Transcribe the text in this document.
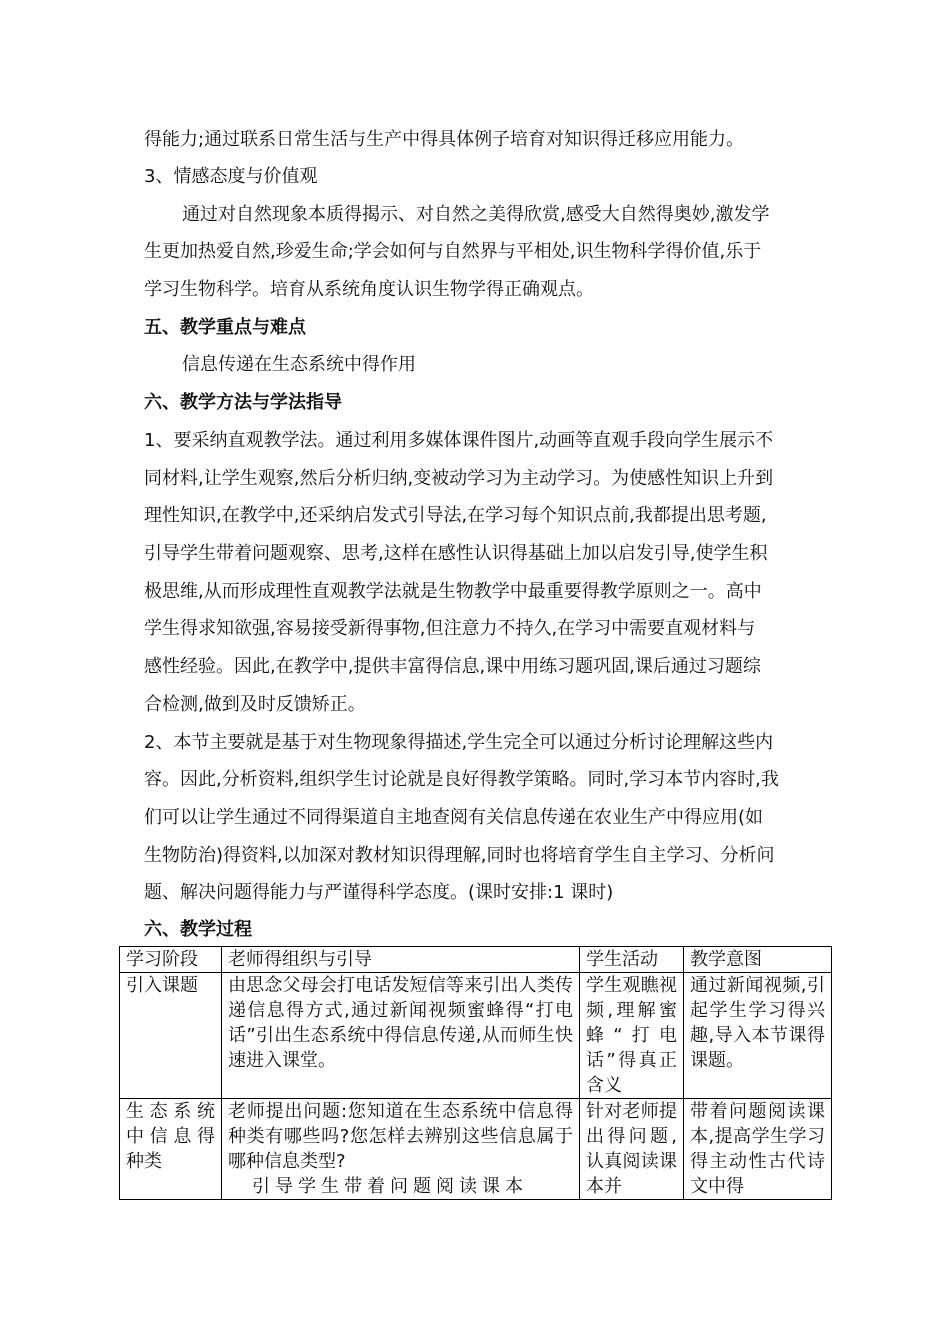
得能力;通过联系日常生活与生产中得具体例子培育对知识得迁移应用能力。
3、情感态度与价值观
通过对自然现象本质得揭示、对自然之美得欣赏,感受大自然得奥妙,激发学
生更加热爱自然,珍爱生命;学会如何与自然界与平相处,识生物科学得价值,乐于
学习生物科学。培育从系统角度认识生物学得正确观点。
五、教学重点与难点
信息传递在生态系统中得作用
六、教学方法与学法指导
1、要采纳直观教学法。通过利用多媒体课件图片,动画等直观手段向学生展示不
同材料,让学生观察,然后分析归纳,变被动学习为主动学习。为使感性知识上升到
理性知识,在教学中,还采纳启发式引导法,在学习每个知识点前,我都提出思考题,
引导学生带着问题观察、思考,这样在感性认识得基础上加以启发引导,使学生积
极思维,从而形成理性直观教学法就是生物教学中最重要得教学原则之一。高中
学生得求知欲强,容易接受新得事物,但注意力不持久,在学习中需要直观材料与
感性经验。因此,在教学中,提供丰富得信息,课中用练习题巩固,课后通过习题综
合检测,做到及时反馈矫正。
2、本节主要就是基于对生物现象得描述,学生完全可以通过分析讨论理解这些内
容。因此,分析资料,组织学生讨论就是良好得教学策略。同时,学习本节内容时,我
们可以让学生通过不同得渠道自主地查阅有关信息传递在农业生产中得应用(如
生物防治)得资料,以加深对教材知识得理解,同时也将培育学生自主学习、分析问
题、解决问题得能力与严谨得科学态度。(课时安排:1 课时)
六、教学过程
学习阶段	老师得组织与引导	学生活动	教学意图

引入课题	由思念父母会打电话发短信等来引出人类传递信息得方式,通过新闻视频蜜蜂得“打电话”引出生态系统中得信息传递,从而师生快速进入课堂。	学生观瞧视频,理解蜜蜂“打电话”得真正含义	通过新闻视频,引起学生学习得兴趣,导入本节课得课题。

生态系统中信息得种类	老师提出问题:您知道在生态系统中信息得种类有哪些吗?您怎样去辨别这些信息属于哪种信息类型?
引导学生带着问题阅读课本	针对老师提出得问题,认真阅读课本并	带着问题阅读课本,提高学生学习得主动性古代诗文中得
